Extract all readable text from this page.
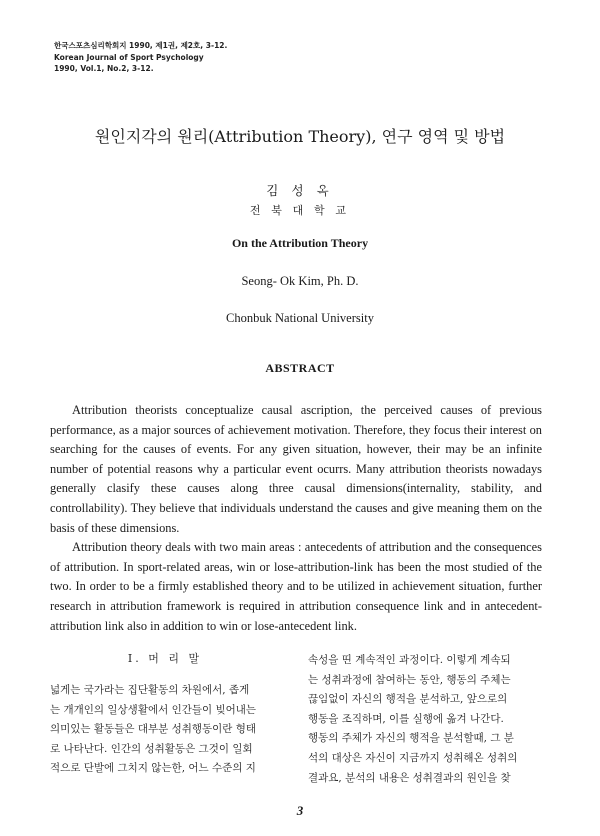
한국스포츠심리학회지 1990, 제1권, 제2호, 3-12.
Korean Journal of Sport Psychology
1990, Vol.1, No.2, 3-12.
원인지각의 원리(Attribution Theory), 연구 영역 및 방법
김 성 옥
전 북 대 학 교
On the Attribution Theory
Seong- Ok Kim, Ph. D.
Chonbuk National University
ABSTRACT

Attribution theorists conceptualize causal ascription, the perceived causes of previous performance, as a major sources of achievement motivation. Therefore, they focus their interest on searching for the causes of events. For any given situation, however, their may be an infinite number of potential reasons why a particular event ocurrs. Many attribution theorists nowadays generally clasify these causes along three causal dimensions(internality, stability, and controllability). They believe that individuals understand the causes and give meaning them on the basis of these dimensions.

Attribution theory deals with two main areas : antecedents of attribution and the consequences of attribution. In sport-related areas, win or lose-attribution-link has been the most studied of the two. In order to be a firmly established theory and to be utilized in achievement situation, further research in attribution framework is required in attribution consequence link and in antecedent-attribution link also in addition to win or lose-antecedent link.

I. 머 리 말
넓게는 국가라는 집단활동의 차원에서, 좁게
는 개개인의 일상생활에서 인간들이 빚어내는
의미있는 활동들은 대부분 성취행동이란 형태
로 나타난다. 인간의 성취활동은 그것이 일회
적으로 단발에 그치지 않는한, 어느 수준의 지
속성을 띤 계속적인 과정이다. 이렇게 계속되
는 성취과정에 참여하는 동안, 행동의 주체는
끊임없이 자신의 행적을 분석하고, 앞으로의
행동을 조직하며, 이를 실행에 옮겨 나간다.
행동의 주체가 자신의 행적을 분석할때, 그 분
석의 대상은 자신이 지금까지 성취해온 성취의
결과요, 분석의 내용은 성취결과의 원인을 찾
3
